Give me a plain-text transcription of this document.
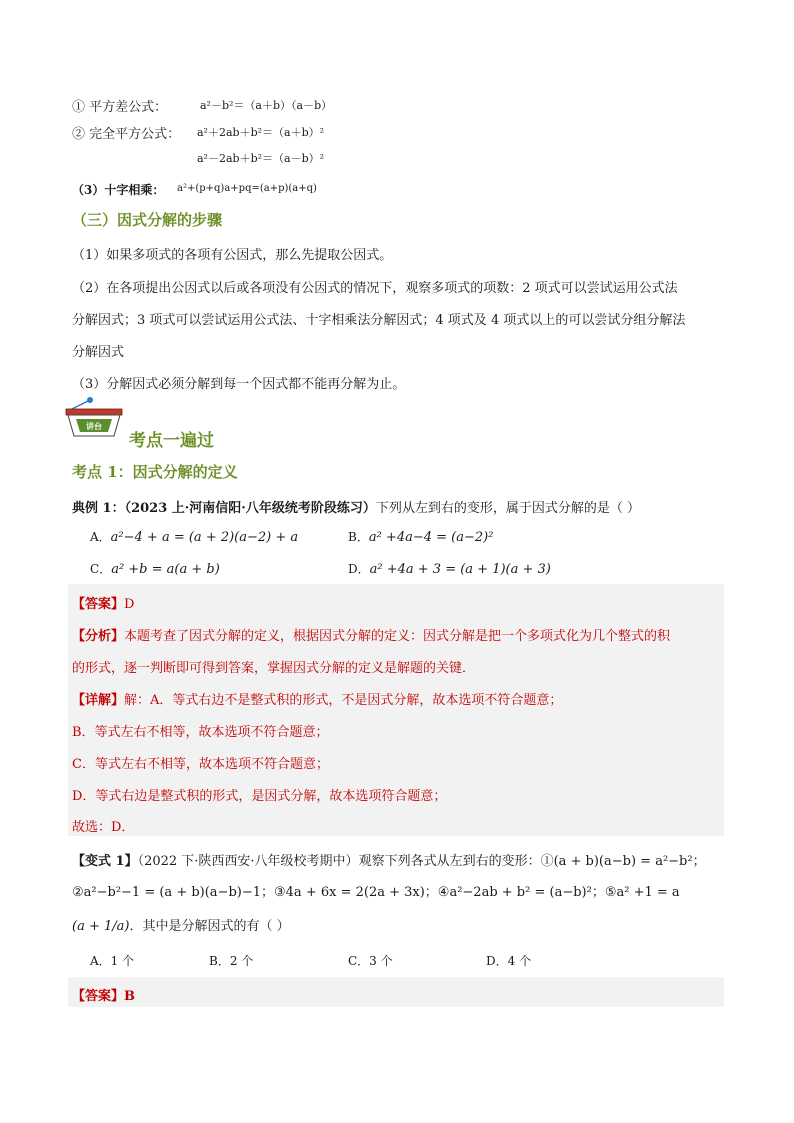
① 平方差公式：	a²－b²＝（a＋b）（a－b）
② 完全平方公式： a²＋2ab＋b²＝（a＋b）²
a²－2ab＋b²＝（a－b）²
（3）十字相乘： a²+(p+q)a+pq=(a+p)(a+q)
（三）因式分解的步骤
（1）如果多项式的各项有公因式，那么先提取公因式。
（2）在各项提出公因式以后或各项没有公因式的情况下，观察多项式的项数：2 项式可以尝试运用公式法
分解因式；3 项式可以尝试运用公式法、十字相乘法分解因式；4 项式及 4 项式以上的可以尝试分组分解法
分解因式
（3）分解因式必须分解到每一个因式都不能再分解为止。
讲台
考点一遍过
考点 1：因式分解的定义
典例 1：（2023 上·河南信阳·八年级统考阶段练习）下列从左到右的变形，属于因式分解的是（ ）
A．a²−4 + a = (a + 2)(a−2) + a	B．a² +4a−4 = (a−2)²
C．a² +b = a(a + b)	D．a² +4a + 3 = (a + 1)(a + 3)
【答案】D
【分析】本题考查了因式分解的定义，根据因式分解的定义：因式分解是把一个多项式化为几个整式的积
的形式，逐一判断即可得到答案，掌握因式分解的定义是解题的关键．
【详解】解：A．等式右边不是整式积的形式，不是因式分解，故本选项不符合题意；
B．等式左右不相等，故本选项不符合题意；
C．等式左右不相等，故本选项不符合题意；
D．等式右边是整式积的形式，是因式分解，故本选项符合题意；
故选：D．
【变式 1】（2022 下·陕西西安·八年级校考期中）观察下列各式从左到右的变形：①(a + b)(a−b) = a²−b²；
②a²−b²−1 = (a + b)(a−b)−1；③4a + 6x = 2(2a + 3x)；④a²−2ab + b² = (a−b)²；⑤a² +1 = a
(a + 1/a)．其中是分解因式的有（ ）
A．1 个	B．2 个	C．3 个	D．4 个
【答案】B
